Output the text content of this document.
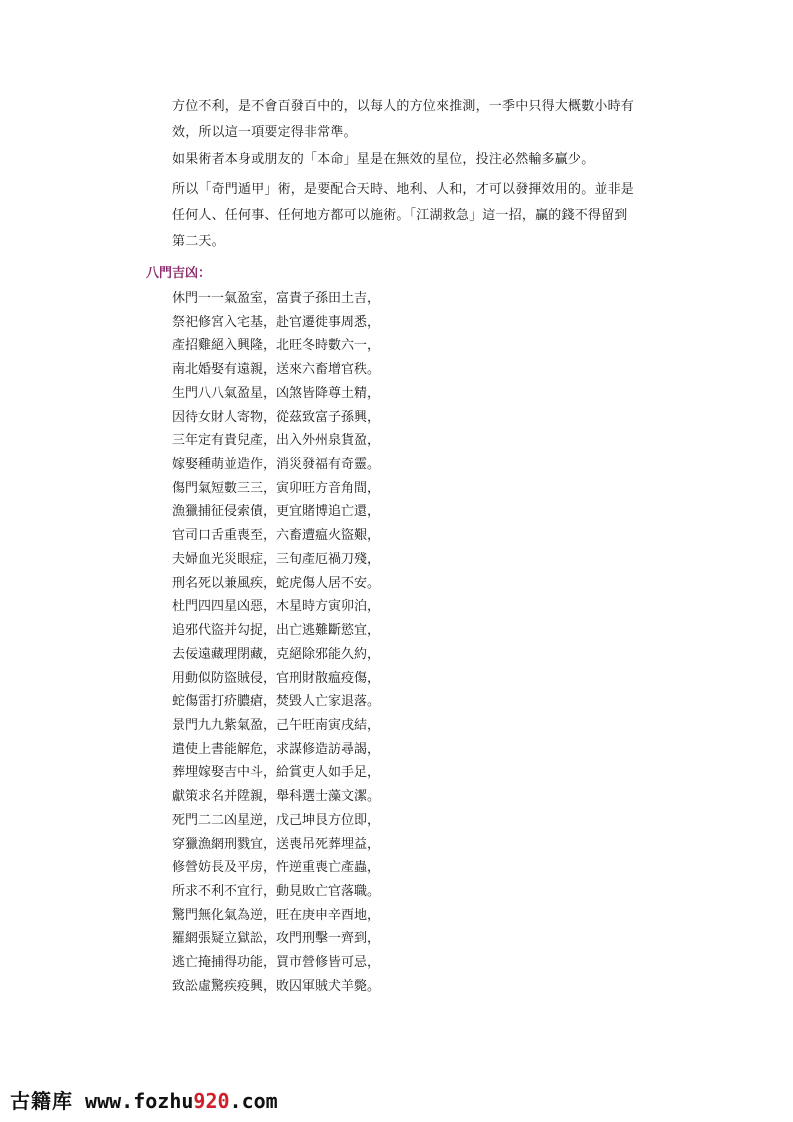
方位不利，是不會百發百中的，以每人的方位來推測，一季中只得大概數小時有
效，所以這一項要定得非常準。

如果術者本身或朋友的「本命」星是在無效的星位，投注必然輸多贏少。

所以「奇門遁甲」術，是要配合天時、地利、人和，才可以發揮效用的。並非是
任何人、任何事、任何地方都可以施術。「江湖救急」這一招，贏的錢不得留到
第二天。

八門吉凶：
休門一一氣盈室，富貴子孫田土吉，
祭祀修宮入宅基，赴官遷徙事周悉，
產招雞絕入興隆，北旺冬時數六一，
南北婚娶有遠親，送來六畜增官秩。
生門八八氣盈星，凶煞皆降尊土精，
因待女財人寄物，從茲致富子孫興，
三年定有貴兒產，出入外州泉貨盈，
嫁娶種萌並造作，消災發福有奇靈。
傷門氣短數三三，寅卯旺方音角間，
漁獵捕征侵索債，更宜賭博追亡還，
官司口舌重喪至，六畜遭瘟火盜艱，
夫婦血光災眼症，三旬產厄禍刀殘，
刑名死以兼風疾，蛇虎傷人居不安。
杜門四四星凶惡，木星時方寅卯泊，
追邪代盜并勾捉，出亡逃難斷慾宜，
去佞遠藏理閉藏，克絕除邪能久約，
用動似防盜賊侵，官刑財散瘟疫傷，
蛇傷雷打疥膿瘡，焚毀人亡家退落。
景門九九紫氣盈，己午旺南寅戌結，
遣使上書能解危，求謀修造訪尋謁，
葬埋嫁娶吉中斗，給賞吏人如手足，
獻策求名并陞親，舉科選士藻文潔。
死門二二凶星逆，戊己坤艮方位即，
穿獵漁網刑戮宜，送喪吊死葬埋益，
修營妨長及平房，忤逆重喪亡產蟲，
所求不利不宜行，動見敗亡官落職。
驚門無化氣為逆，旺在庚申辛酉地，
羅網張疑立獄訟，攻門刑擊一齊到，
逃亡掩捕得功能，買市營修皆可忌，
致訟虛驚疾疫興，敗囚軍賊犬羊斃。
古籍库 www.fozhu920.com
